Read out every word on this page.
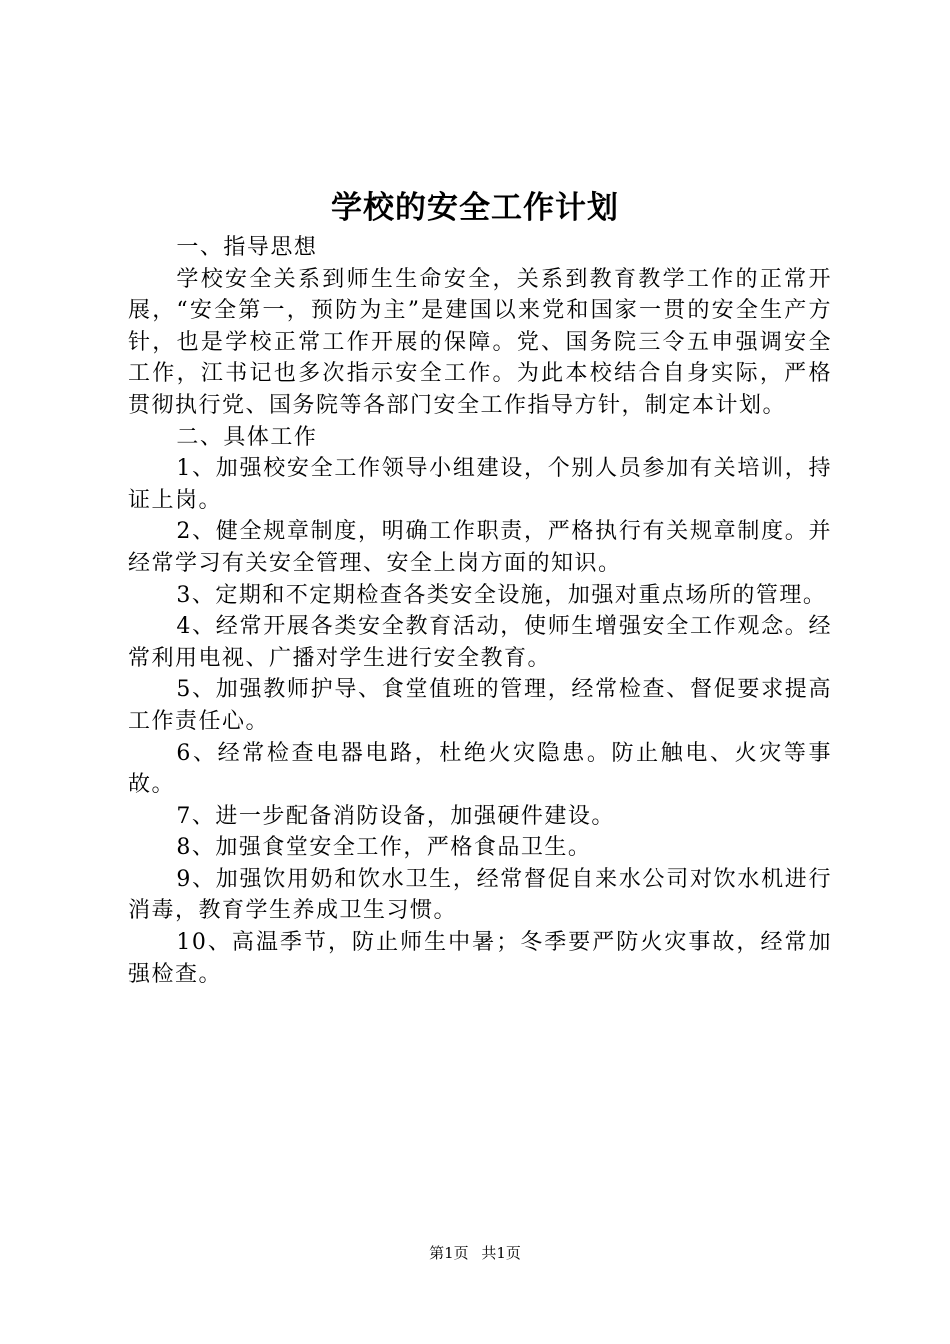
学校的安全工作计划

一、指导思想

学校安全关系到师生生命安全，关系到教育教学工作的正常开展，“安全第一，预防为主”是建国以来党和国家一贯的安全生产方针，也是学校正常工作开展的保障。党、国务院三令五申强调安全工作，江书记也多次指示安全工作。为此本校结合自身实际，严格贯彻执行党、国务院等各部门安全工作指导方针，制定本计划。

二、具体工作

1、加强校安全工作领导小组建设，个别人员参加有关培训，持证上岗。

2、健全规章制度，明确工作职责，严格执行有关规章制度。并经常学习有关安全管理、安全上岗方面的知识。

3、定期和不定期检查各类安全设施，加强对重点场所的管理。

4、经常开展各类安全教育活动，使师生增强安全工作观念。经常利用电视、广播对学生进行安全教育。

5、加强教师护导、食堂值班的管理，经常检查、督促要求提高工作责任心。

6、经常检查电器电路，杜绝火灾隐患。防止触电、火灾等事故。

7、进一步配备消防设备，加强硬件建设。

8、加强食堂安全工作，严格食品卫生。

9、加强饮用奶和饮水卫生，经常督促自来水公司对饮水机进行消毒，教育学生养成卫生习惯。

10、高温季节，防止师生中暑；冬季要严防火灾事故，经常加强检查。

第1页 共1页
